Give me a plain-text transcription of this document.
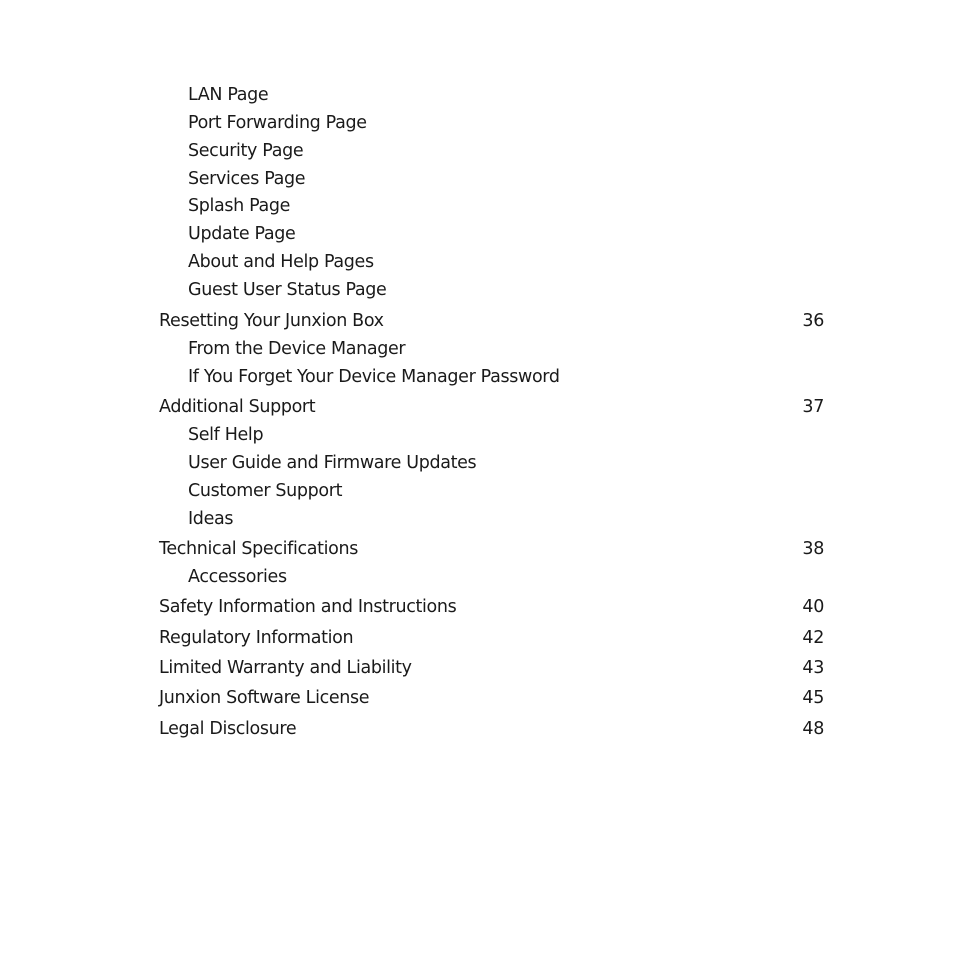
LAN Page
Port Forwarding Page
Security Page
Services Page
Splash Page
Update Page
About and Help Pages
Guest User Status Page
Resetting Your Junxion Box	36
From the Device Manager
If You Forget Your Device Manager Password
Additional Support	37
Self Help
User Guide and Firmware Updates
Customer Support
Ideas
Technical Specifications	38
Accessories
Safety Information and Instructions	40
Regulatory Information	42
Limited Warranty and Liability	43
Junxion Software License	45
Legal Disclosure	48
